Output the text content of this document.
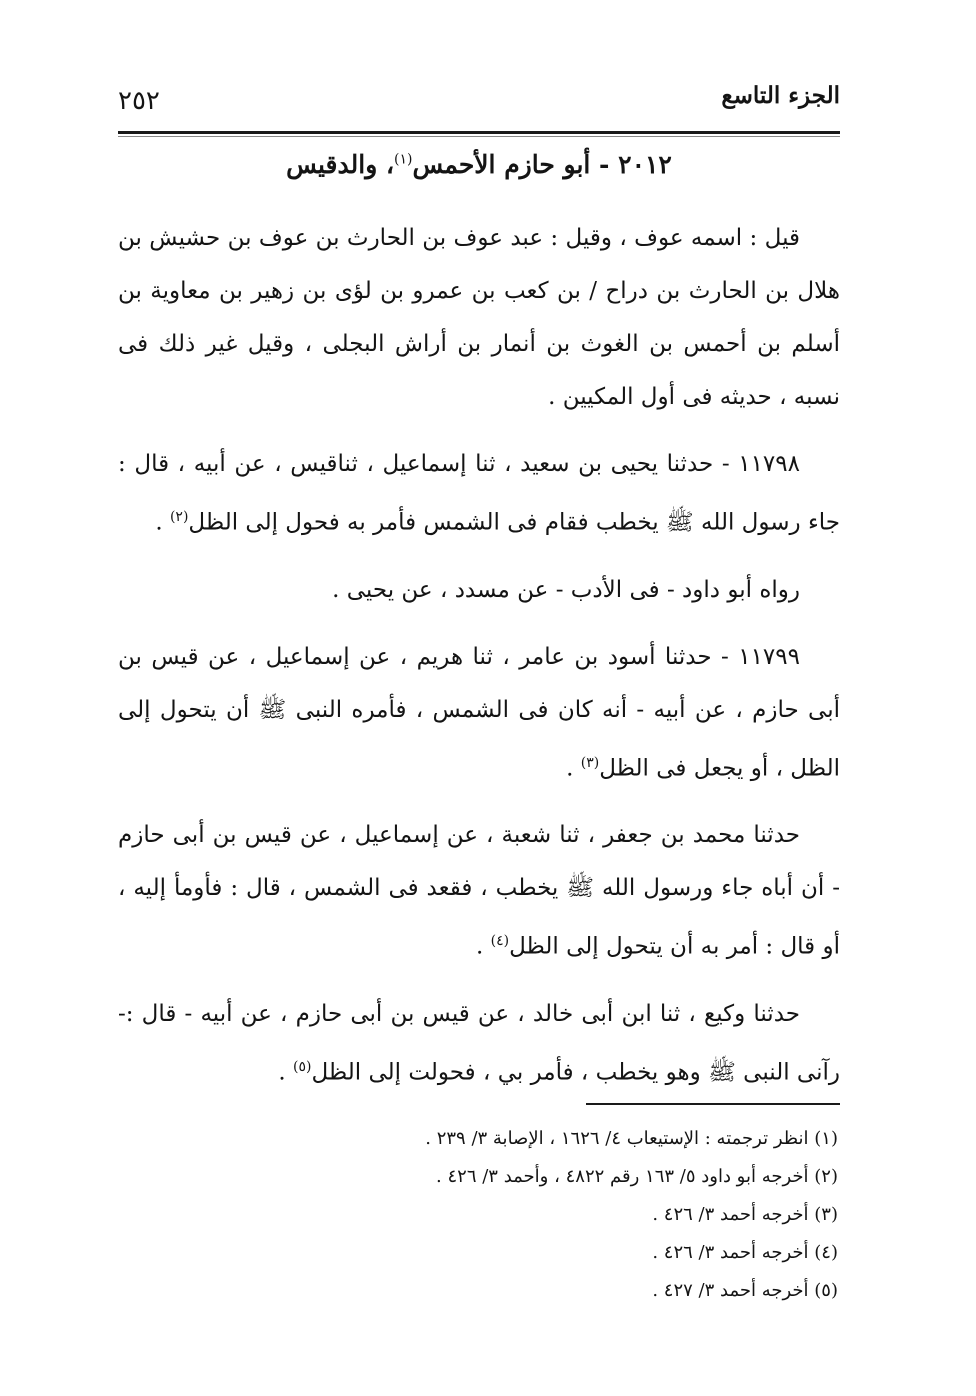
الجزء التاسع
٢٥٢
٢٠١٢ - أبو حازم الأحمس$^{(١)}$، والدقيس

قيل : اسمه عوف ، وقيل : عبد عوف بن الحارث بن عوف بن حشيش بن هلال بن الحارث بن دراح / بن كعب بن عمرو بن لؤى بن زهير بن معاوية بن أسلم بن أحمس بن الغوث بن أنمار بن أراش البجلى ، وقيل غير ذلك فى نسبه ، حديثه فى أول المكيين .

١١٧٩٨ - حدثنا يحيى بن سعيد ، ثنا إسماعيل ، ثناقيس ، عن أبيه ، قال : جاء رسول الله ﷺ يخطب فقام فى الشمس فأمر به فحول إلى الظل$^{(٢)}$ .

رواه أبو داود - فى الأدب - عن مسدد ، عن يحيى .

١١٧٩٩ - حدثنا أسود بن عامر ، ثنا هريم ، عن إسماعيل ، عن قيس بن أبى حازم ، عن أبيه - أنه كان فى الشمس ، فأمره النبى ﷺ أن يتحول إلى الظل ، أو يجعل فى الظل$^{(٣)}$ .

حدثنا محمد بن جعفر ، ثنا شعبة ، عن إسماعيل ، عن قيس بن أبى حازم - أن أباه جاء ورسول الله ﷺ يخطب ، فقعد فى الشمس ، قال : فأومأ إليه ، أو قال : أمر به أن يتحول إلى الظل$^{(٤)}$ .

حدثنا وكيع ، ثنا ابن أبى خالد ، عن قيس بن أبى حازم ، عن أبيه - قال :- رآنى النبى ﷺ وهو يخطب ، فأمر بي ، فحولت إلى الظل$^{(٥)}$ .

(١) انظر ترجمته : الإستيعاب ٤/ ١٦٢٦ ، الإصابة ٣/ ٢٣٩ .
(٢) أخرجه أبو داود ٥/ ١٦٣ رقم ٤٨٢٢ ، وأحمد ٣/ ٤٢٦ .
(٣) أخرجه أحمد ٣/ ٤٢٦ .
(٤) أخرجه أحمد ٣/ ٤٢٦ .
(٥) أخرجه أحمد ٣/ ٤٢٧ .
